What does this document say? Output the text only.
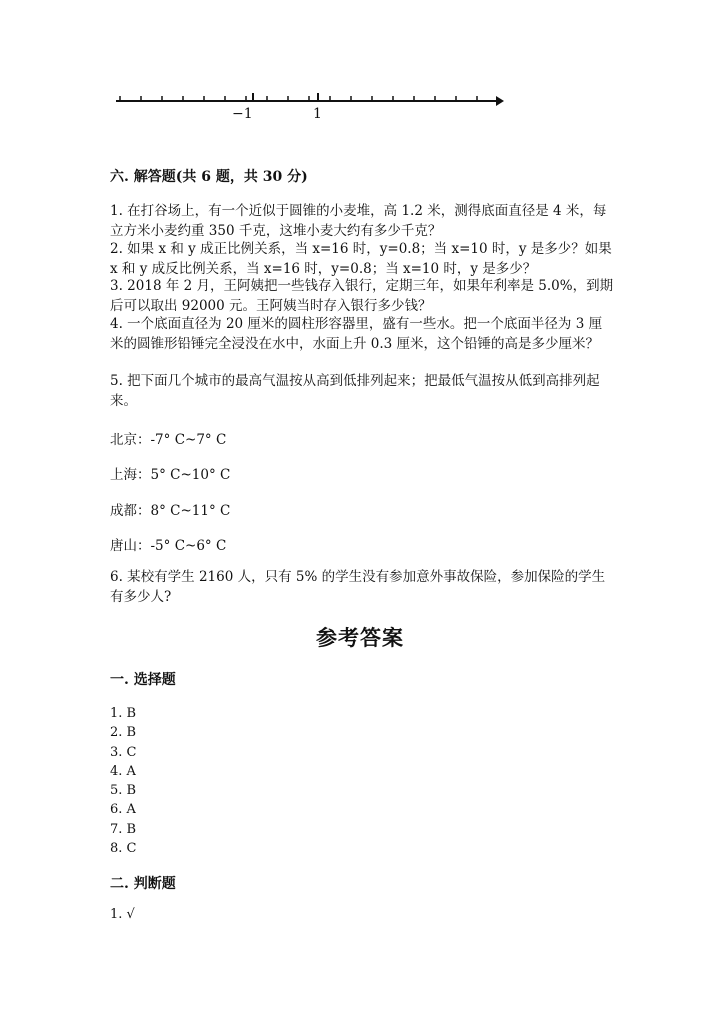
−1	1
六. 解答题(共 6 题，共 30 分)
1. 在打谷场上，有一个近似于圆锥的小麦堆，高 1.2 米，测得底面直径是 4 米，每立方米小麦约重 350 千克，这堆小麦大约有多少千克？
2. 如果 x 和 y 成正比例关系，当 x=16 时，y=0.8；当 x=10 时，y 是多少？如果 x 和 y 成反比例关系，当 x=16 时，y=0.8；当 x=10 时，y 是多少？
3. 2018 年 2 月，王阿姨把一些钱存入银行，定期三年，如果年利率是 5.0%，到期后可以取出 92000 元。王阿姨当时存入银行多少钱？
4. 一个底面直径为 20 厘米的圆柱形容器里，盛有一些水。把一个底面半径为 3 厘米的圆锥形铅锤完全浸没在水中，水面上升 0.3 厘米，这个铅锤的高是多少厘米？
5. 把下面几个城市的最高气温按从高到低排列起来；把最低气温按从低到高排列起来。
北京：-7° C~7° C
上海：5° C~10° C
成都：8° C~11° C
唐山：-5° C~6° C
6. 某校有学生 2160 人，只有 5% 的学生没有参加意外事故保险，参加保险的学生有多少人?
参考答案
一. 选择题
1. B
2. B
3. C
4. A
5. B
6. A
7. B
8. C
二. 判断题
1. √
